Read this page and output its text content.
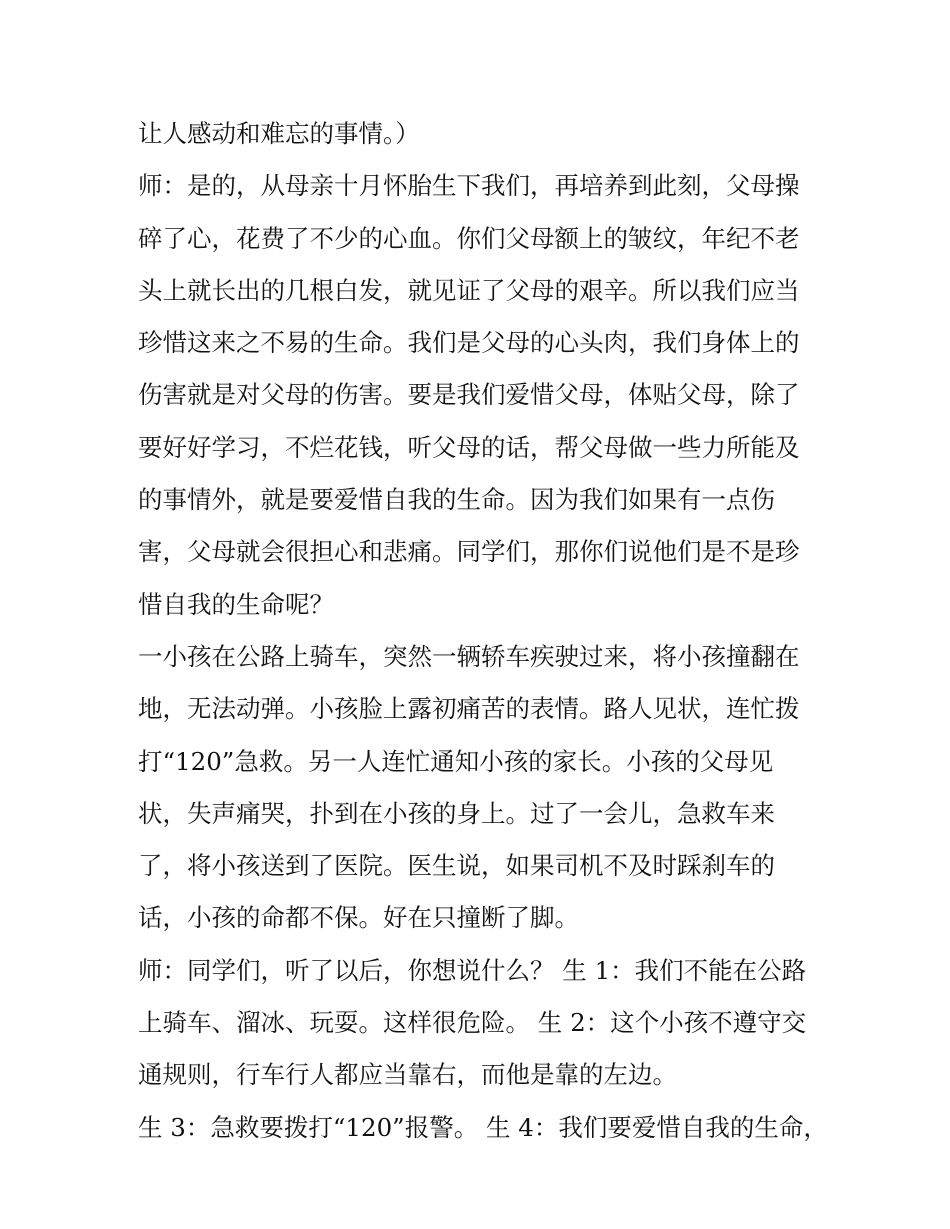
让人感动和难忘的事情。）
师：是的，从母亲十月怀胎生下我们，再培养到此刻，父母操
碎了心，花费了不少的心血。你们父母额上的皱纹，年纪不老
头上就长出的几根白发，就见证了父母的艰辛。所以我们应当
珍惜这来之不易的生命。我们是父母的心头肉，我们身体上的
伤害就是对父母的伤害。要是我们爱惜父母，体贴父母，除了
要好好学习，不烂花钱，听父母的话，帮父母做一些力所能及
的事情外，就是要爱惜自我的生命。因为我们如果有一点伤
害，父母就会很担心和悲痛。同学们，那你们说他们是不是珍
惜自我的生命呢？
一小孩在公路上骑车，突然一辆轿车疾驶过来，将小孩撞翻在
地，无法动弹。小孩脸上露初痛苦的表情。路人见状，连忙拨
打“120”急救。另一人连忙通知小孩的家长。小孩的父母见
状，失声痛哭，扑到在小孩的身上。过了一会儿，急救车来
了，将小孩送到了医院。医生说，如果司机不及时踩刹车的
话，小孩的命都不保。好在只撞断了脚。
师：同学们，听了以后，你想说什么？ 生 1：我们不能在公路
上骑车、溜冰、玩耍。这样很危险。 生 2：这个小孩不遵守交
通规则，行车行人都应当靠右，而他是靠的左边。
生 3：急救要拨打“120”报警。 生 4：我们要爱惜自我的生命，
